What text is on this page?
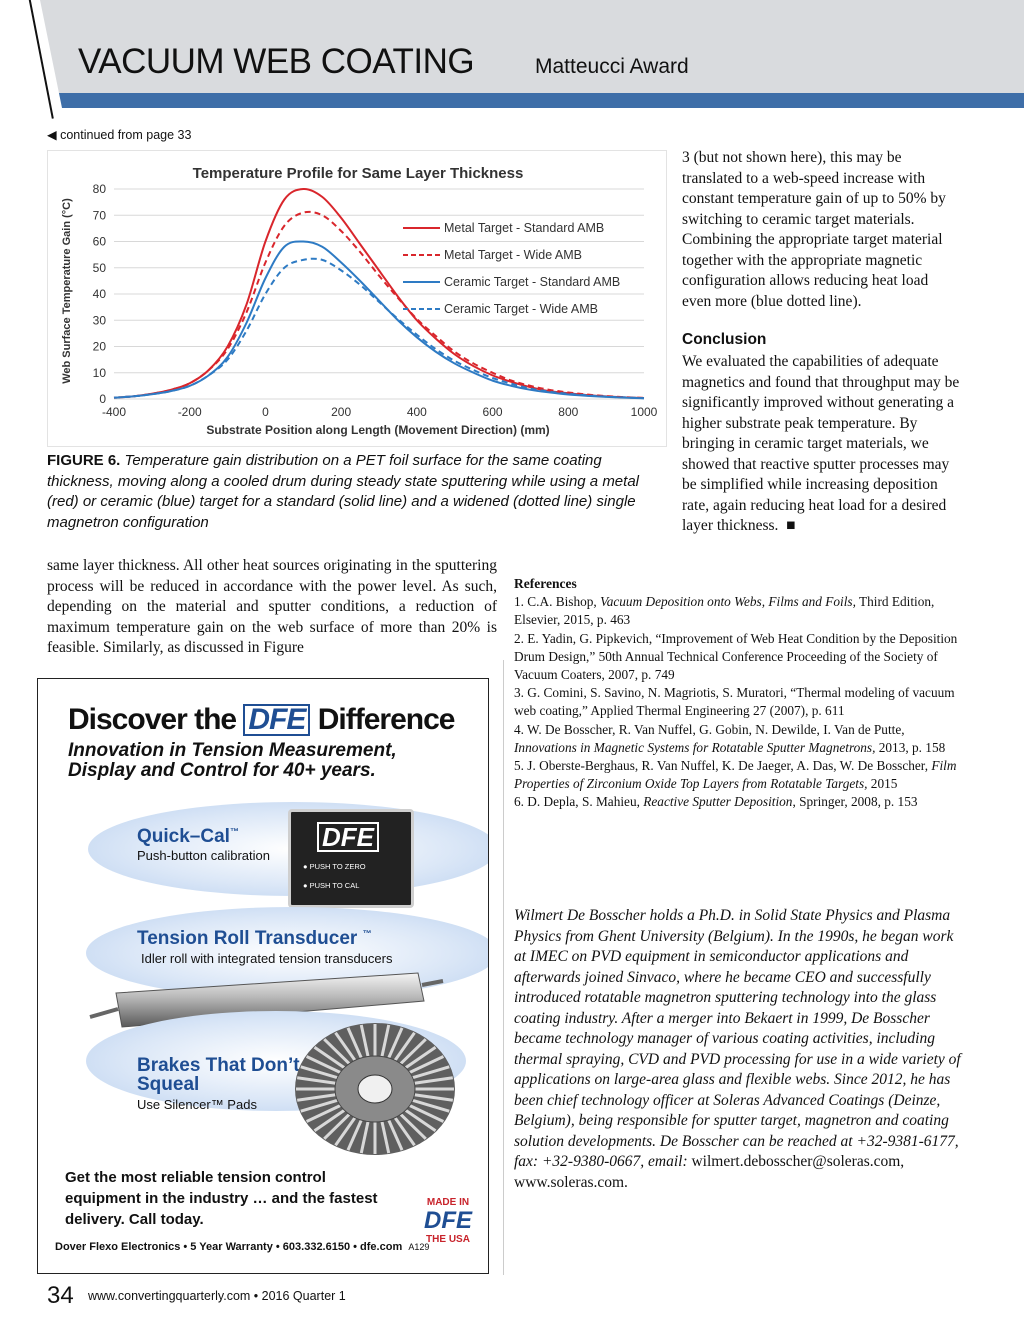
VACUUM WEB COATING	Matteucci Award
◀ continued from page 33
Temperature Profile for Same Layer Thickness
0
10
20
30
40
50
60
70
80
-400	-200	0	200	400	600	800	1000
Metal Target - Standard AMB
Metal Target - Wide AMB
Ceramic Target - Standard AMB
Ceramic Target - Wide AMB
Substrate Position along Length (Movement Direction) (mm)
Web Surface Temperature Gain (°C)
FIGURE 6. Temperature gain distribution on a PET foil surface for the same coating thickness, moving along a cooled drum during steady state sputtering while using a metal (red) or ceramic (blue) target for a standard (solid line) and a widened (dotted line) single magnetron configuration
same layer thickness. All other heat sources originating in the sputtering process will be reduced in accordance with the power level. As such, depending on the material and sputter conditions, a reduction of maximum temperature gain on the web surface of more than 20% is feasible. Similarly, as discussed in Figure
3 (but not shown here), this may be translated to a web-speed increase with constant temperature gain of up to 50% by switching to ceramic target materials. Combining the appropriate target material together with the appropriate magnetic configuration allows reducing heat load even more (blue dotted line).
Conclusion
We evaluated the capabilities of adequate magnetics and found that throughput may be significantly improved without generating a higher substrate peak temperature. By bringing in ceramic target materials, we showed that reactive sputter processes may be simplified while increasing deposition rate, again reducing heat load for a desired layer thickness. ■
References
1. C.A. Bishop, Vacuum Deposition onto Webs, Films and Foils, Third Edition, Elsevier, 2015, p. 463
2. E. Yadin, G. Pipkevich, “Improvement of Web Heat Condition by the Deposition Drum Design,” 50th Annual Technical Conference Proceeding of the Society of Vacuum Coaters, 2007, p. 749
3. G. Comini, S. Savino, N. Magriotis, S. Muratori, “Thermal modeling of vacuum web coating,” Applied Thermal Engineering 27 (2007), p. 611
4. W. De Bosscher, R. Van Nuffel, G. Gobin, N. Dewilde, I. Van de Putte, Innovations in Magnetic Systems for Rotatable Sputter Magnetrons, 2013, p. 158
5. J. Oberste-Berghaus, R. Van Nuffel, K. De Jaeger, A. Das, W. De Bosscher, Film Properties of Zirconium Oxide Top Layers from Rotatable Targets, 2015
6. D. Depla, S. Mahieu, Reactive Sputter Deposition, Springer, 2008, p. 153
Wilmert De Bosscher holds a Ph.D. in Solid State Physics and Plasma Physics from Ghent University (Belgium). In the 1990s, he began work at IMEC on PVD equipment in semiconductor applications and afterwards joined Sinvaco, where he became CEO and successfully introduced rotatable magnetron sputtering technology into the glass coating industry. After a merger into Bekaert in 1999, De Bosscher became technology manager of various coating activities, including thermal spraying, CVD and PVD processing for use in a wide variety of applications on large-area glass and flexible webs. Since 2012, he has been chief technology officer at Soleras Advanced Coatings (Deinze, Belgium), being responsible for sputter target, magnetron and coating solution developments. De Bosscher can be reached at +32-9381-6177, fax: +32-9380-0667, email: wilmert.debosscher@soleras.com, www.soleras.com.
Discover the DFE Difference
Innovation in Tension Measurement, Display and Control for 40+ years.
Quick–Cal™
Push-button calibration
DFE
● PUSH TO ZERO
● PUSH TO CAL
Tension Roll Transducer ™
Idler roll with integrated tension transducers
Brakes That Don’t Squeal
Use Silencer™ Pads
Get the most reliable tension control equipment in the industry … and the fastest delivery. Call today.
MADE IN
DFE
THE USA
Dover Flexo Electronics • 5 Year Warranty • 603.332.6150 • dfe.com A129
34 www.convertingquarterly.com • 2016 Quarter 1
